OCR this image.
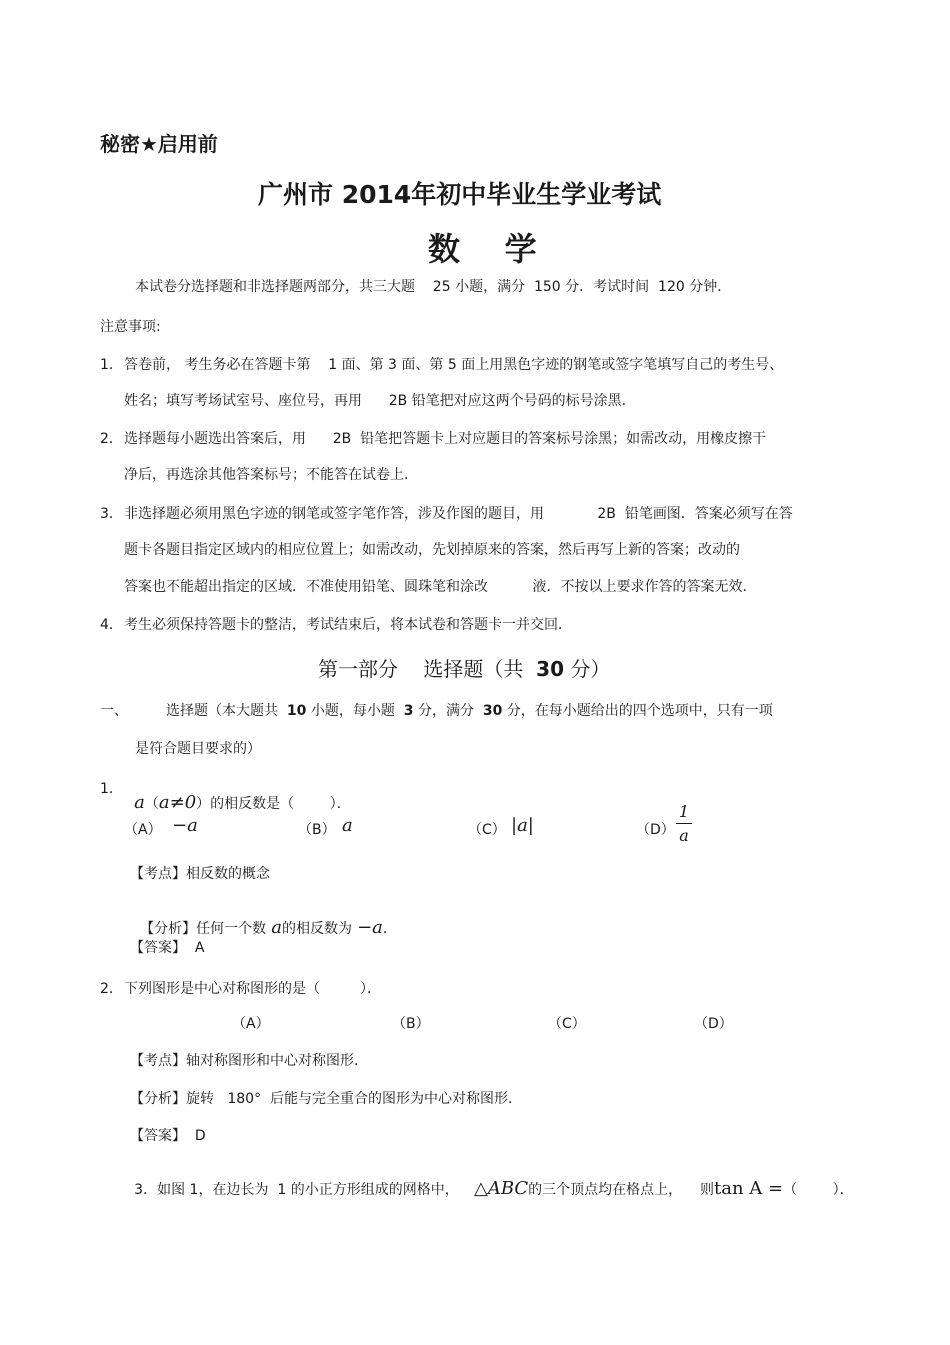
秘密★启用前
广州市 2014年初中毕业生学业考试
数    学
本试卷分选择题和非选择题两部分，共三大题    25 小题，满分  150 分．考试时间  120 分钟．
注意事项:
1． 答卷前， 考生务必在答题卡第    1 面、第 3 面、第 5 面上用黑色字迹的钢笔或签字笔填写自己的考生号、
姓名；填写考场试室号、座位号，再用      2B 铅笔把对应这两个号码的标号涂黑．
2． 选择题每小题选出答案后，用      2B  铅笔把答题卡上对应题目的答案标号涂黑；如需改动，用橡皮擦干
净后，再选涂其他答案标号；不能答在试卷上．
3． 非选择题必须用黑色字迹的钢笔或签字笔作答，涉及作图的题目，用            2B  铅笔画图．答案必须写在答
题卡各题目指定区域内的相应位置上；如需改动，先划掉原来的答案，然后再写上新的答案；改动的
答案也不能超出指定的区域．不准使用铅笔、圆珠笔和涂改          液．不按以上要求作答的答案无效．
4． 考生必须保持答题卡的整洁，考试结束后，将本试卷和答题卡一并交回．
第一部分    选择题（共  30 分）
一、	选择题（本大题共  10 小题，每小题  3 分，满分  30 分，在每小题给出的四个选项中，只有一项
是符合题目要求的）
1．

a（a≠0）的相反数是（        ）．

（A） −a	（B） a	（C） |a|	（D）
1
a
【考点】相反数的概念

【分析】任何一个数 a的相反数为 −a．

【答案】 A
2． 下列图形是中心对称图形的是（         ）．
（A）	（B）	（C）	（D）
【考点】轴对称图形和中心对称图形．
【分析】旋转   180°  后能与完全重合的图形为中心对称图形．
【答案】 D

3．如图 1，在边长为  1 的小正方形组成的网格中， △ABC的三个顶点均在格点上，    则tan A =（        ）．
